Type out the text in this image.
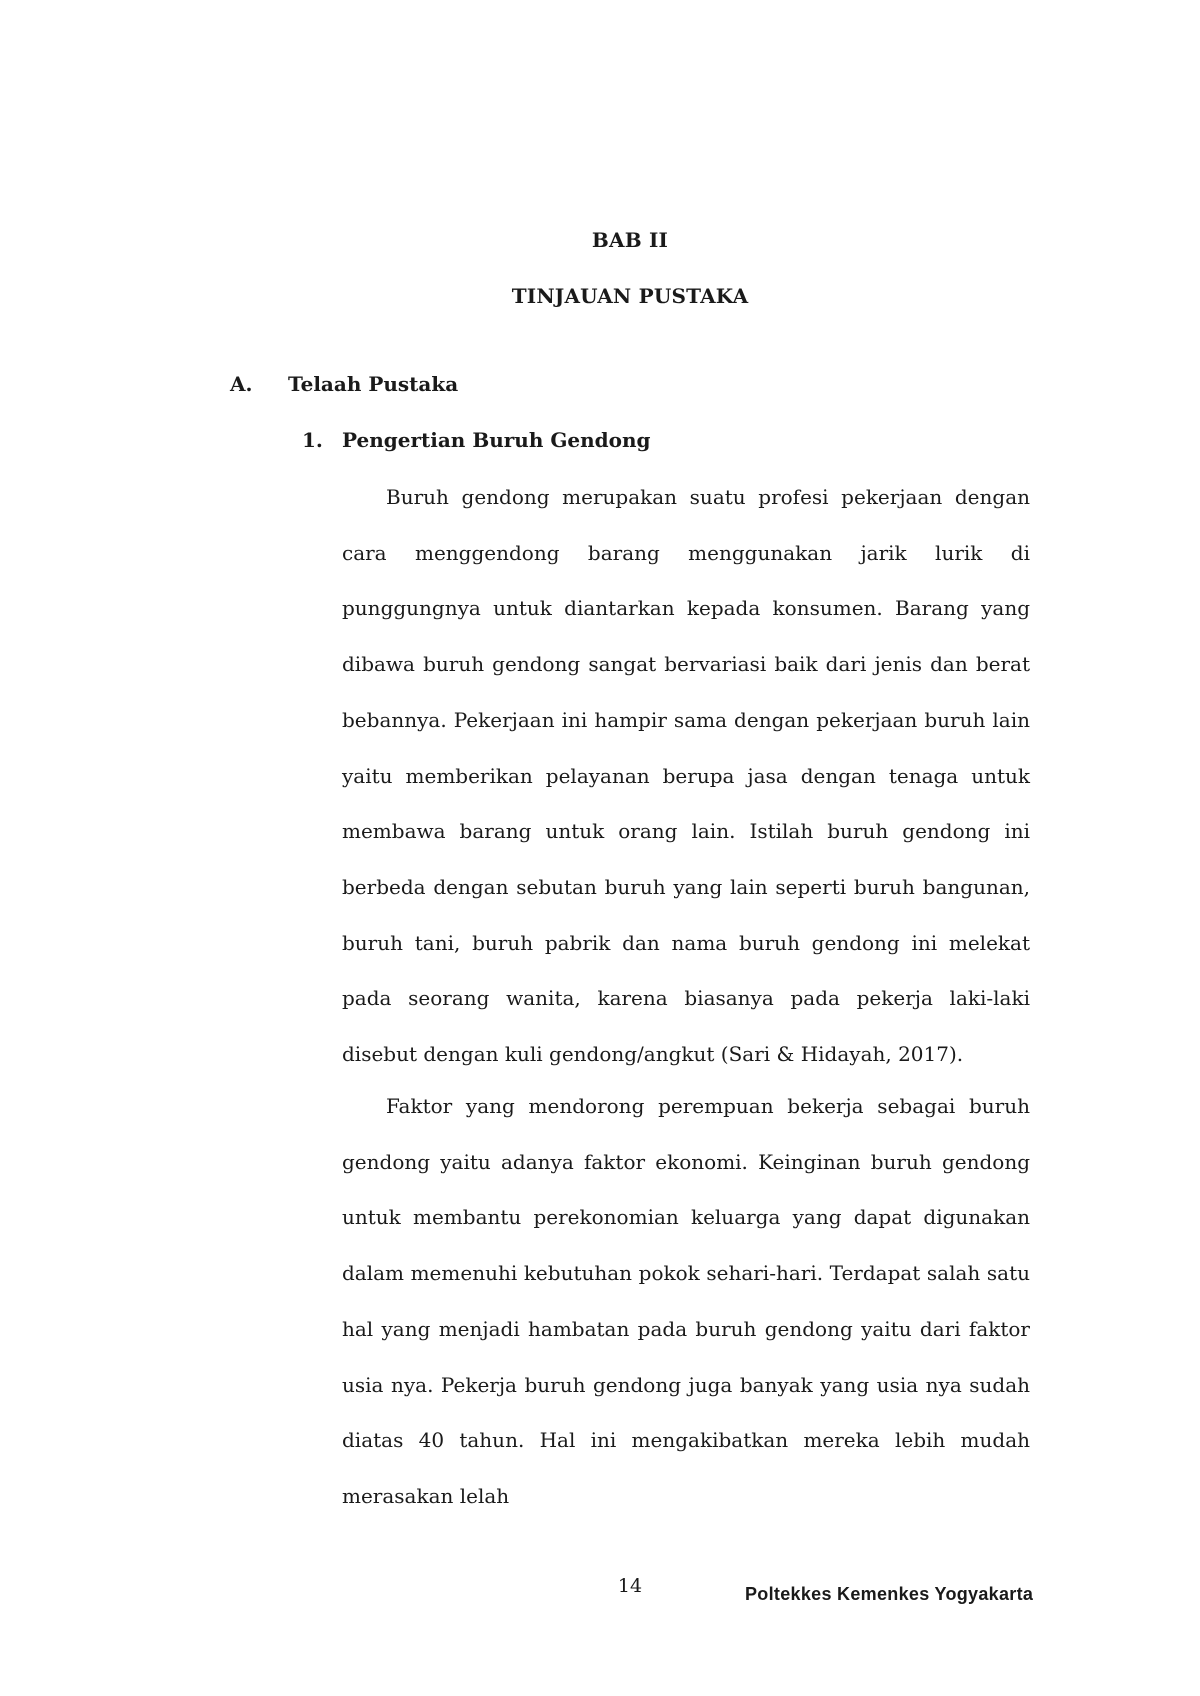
BAB II
TINJAUAN PUSTAKA
A. Telaah Pustaka
1. Pengertian Buruh Gendong

Buruh gendong merupakan suatu profesi pekerjaan dengan cara menggendong barang menggunakan jarik lurik di punggungnya untuk diantarkan kepada konsumen. Barang yang dibawa buruh gendong sangat bervariasi baik dari jenis dan berat bebannya. Pekerjaan ini hampir sama dengan pekerjaan buruh lain yaitu memberikan pelayanan berupa jasa dengan tenaga untuk membawa barang untuk orang lain. Istilah buruh gendong ini berbeda dengan sebutan buruh yang lain seperti buruh bangunan, buruh tani, buruh pabrik dan nama buruh gendong ini melekat pada seorang wanita, karena biasanya pada pekerja laki-laki disebut dengan kuli gendong/angkut (Sari & Hidayah, 2017).

Faktor yang mendorong perempuan bekerja sebagai buruh gendong yaitu adanya faktor ekonomi. Keinginan buruh gendong untuk membantu perekonomian keluarga yang dapat digunakan dalam memenuhi kebutuhan pokok sehari-hari. Terdapat salah satu hal yang menjadi hambatan pada buruh gendong yaitu dari faktor usia nya. Pekerja buruh gendong juga banyak yang usia nya sudah diatas 40 tahun. Hal ini mengakibatkan mereka lebih mudah merasakan lelah

14	Poltekkes Kemenkes Yogyakarta
